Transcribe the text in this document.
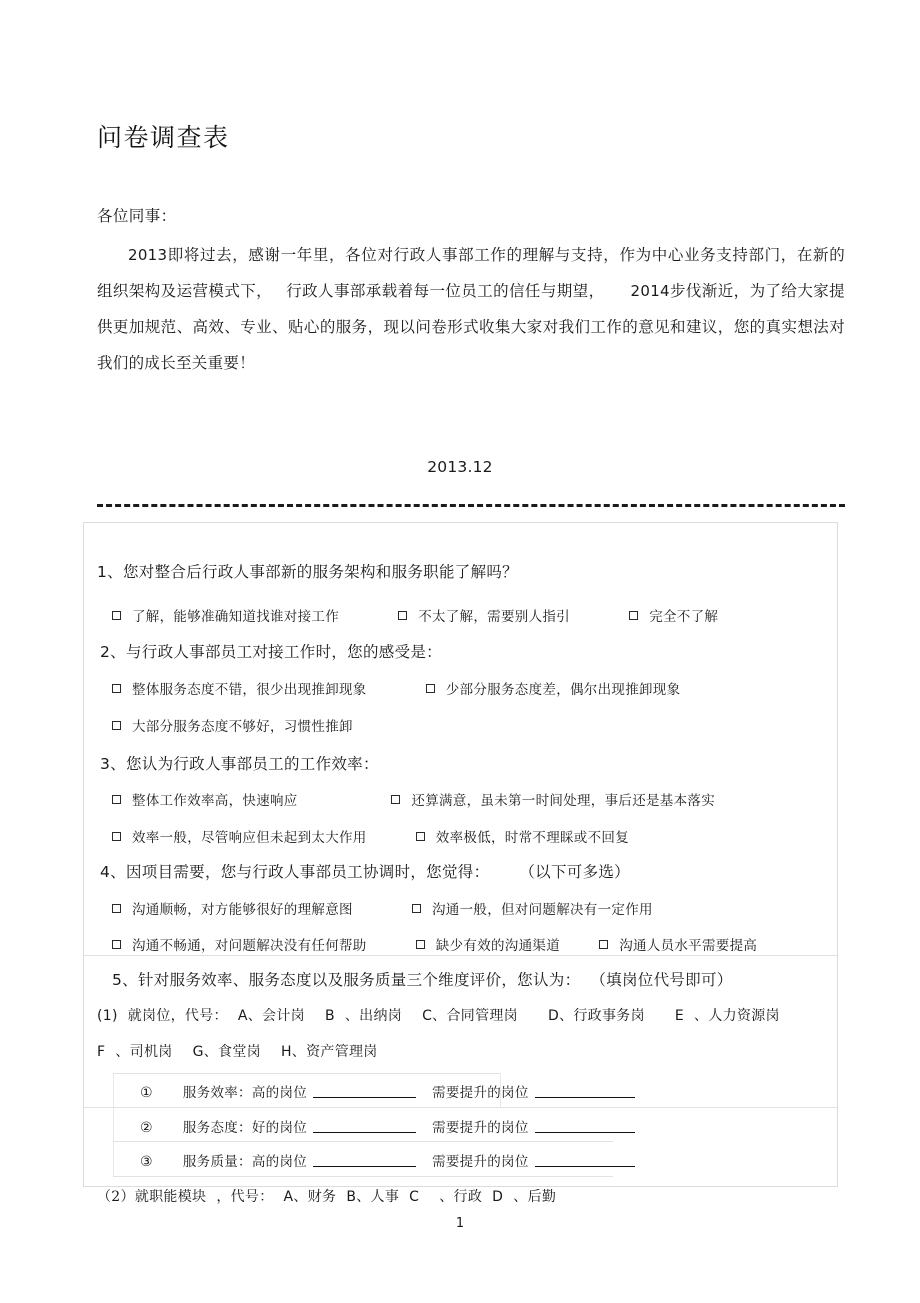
问卷调查表
各位同事：
2013即将过去，感谢一年里，各位对行政人事部工作的理解与支持，作为中心业务支持部门，在新的组织架构及运营模式下， 行政人事部承载着每一位员工的信任与期望， 2014步伐渐近，为了给大家提供更加规范、高效、专业、贴心的服务，现以问卷形式收集大家对我们工作的意见和建议，您的真实想法对我们的成长至关重要！
2013.12
1、您对整合后行政人事部新的服务架构和服务职能了解吗？
了解，能够准确知道找谁对接工作	不太了解，需要别人指引	完全不了解
2、与行政人事部员工对接工作时，您的感受是：
整体服务态度不错，很少出现推卸现象	少部分服务态度差，偶尔出现推卸现象
大部分服务态度不够好，习惯性推卸
3、您认为行政人事部员工的工作效率：
整体工作效率高，快速响应	还算满意，虽未第一时间处理，事后还是基本落实
效率一般，尽管响应但未起到太大作用	效率极低，时常不理睬或不回复
4、因项目需要，您与行政人事部员工协调时，您觉得： （以下可多选）
沟通顺畅，对方能够很好的理解意图	沟通一般，但对问题解决有一定作用
沟通不畅通，对问题解决没有任何帮助	缺少有效的沟通渠道	沟通人员水平需要提高
5、针对服务效率、服务态度以及服务质量三个维度评价，您认为： （填岗位代号即可）
(1) 就岗位，代号： A、会计岗 B 、出纳岗 C、合同管理岗 D、行政事务岗 E 、人力资源岗
F 、司机岗 G、食堂岗 H、资产管理岗
① 服务效率：高的岗位	需要提升的岗位
② 服务态度：好的岗位	需要提升的岗位
③ 服务质量：高的岗位	需要提升的岗位
（2）就职能模块 ，代号： A、财务 B、人事 C 、行政 D 、后勤
1
